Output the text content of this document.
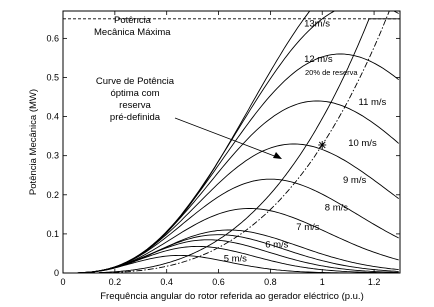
5 m/s
6 m/s
7 m/s
8 m/s
9 m/s
10 m/s
11 m/s
12 m/s
13m/s
0	0.2	0.4	0.6	0.8	1	1.2
0
0.1
0.2
0.3
0.4
0.5
0.6
Frequência angular do rotor referida ao gerador eléctrico (p.u.)
Potência Mecânica (MW)
Potência
Mecânica Máxima
Curve de Potência
óptima com
reserva
pré-definida
20% de reserva
